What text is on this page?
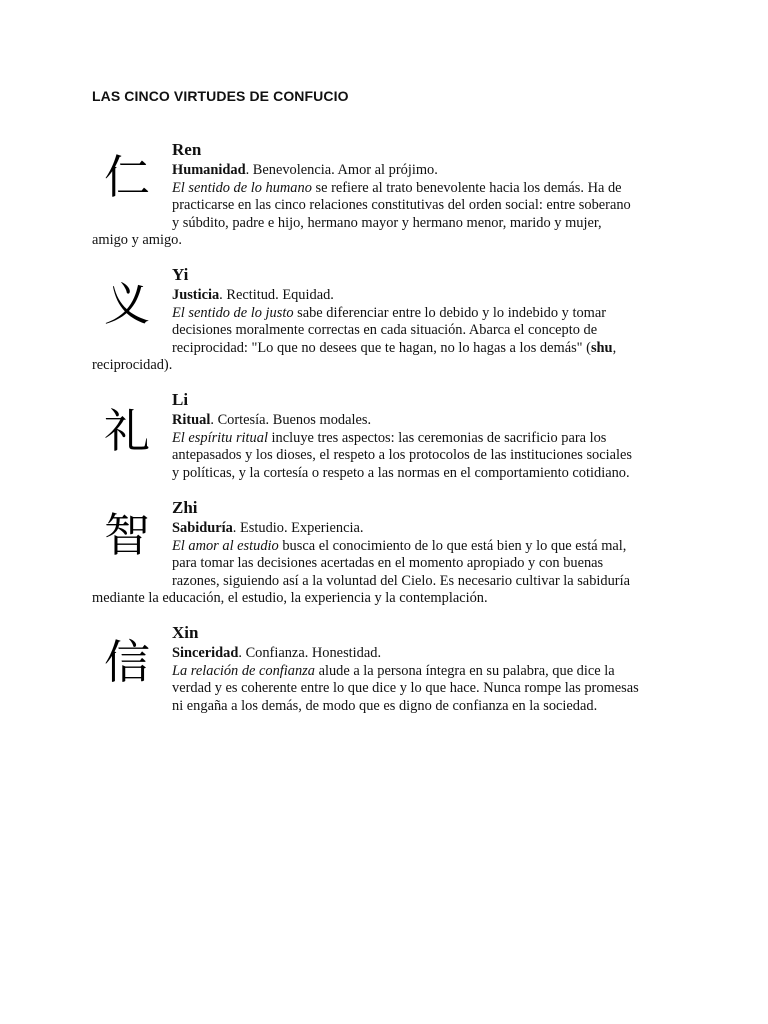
LAS CINCO VIRTUDES DE CONFUCIO
仁
Ren
Humanidad. Benevolencia. Amor al prójimo.
El sentido de lo humano se refiere al trato benevolente hacia los demás. Ha de
practicarse en las cinco relaciones constitutivas del orden social: entre soberano
y súbdito, padre e hijo, hermano mayor y hermano menor, marido y mujer,
amigo y amigo.
义
Yi
Justicia. Rectitud. Equidad.
El sentido de lo justo sabe diferenciar entre lo debido y lo indebido y tomar
decisiones moralmente correctas en cada situación. Abarca el concepto de
reciprocidad: "Lo que no desees que te hagan, no lo hagas a los demás" (shu,
reciprocidad).
礼
Li
Ritual. Cortesía. Buenos modales.
El espíritu ritual incluye tres aspectos: las ceremonias de sacrificio para los
antepasados y los dioses, el respeto a los protocolos de las instituciones sociales
y políticas, y la cortesía o respeto a las normas en el comportamiento cotidiano.
智
Zhi
Sabiduría. Estudio. Experiencia.
El amor al estudio busca el conocimiento de lo que está bien y lo que está mal,
para tomar las decisiones acertadas en el momento apropiado y con buenas
razones, siguiendo así a la voluntad del Cielo. Es necesario cultivar la sabiduría
mediante la educación, el estudio, la experiencia y la contemplación.
信
Xin
Sinceridad. Confianza. Honestidad.
La relación de confianza alude a la persona íntegra en su palabra, que dice la
verdad y es coherente entre lo que dice y lo que hace. Nunca rompe las promesas
ni engaña a los demás, de modo que es digno de confianza en la sociedad.
